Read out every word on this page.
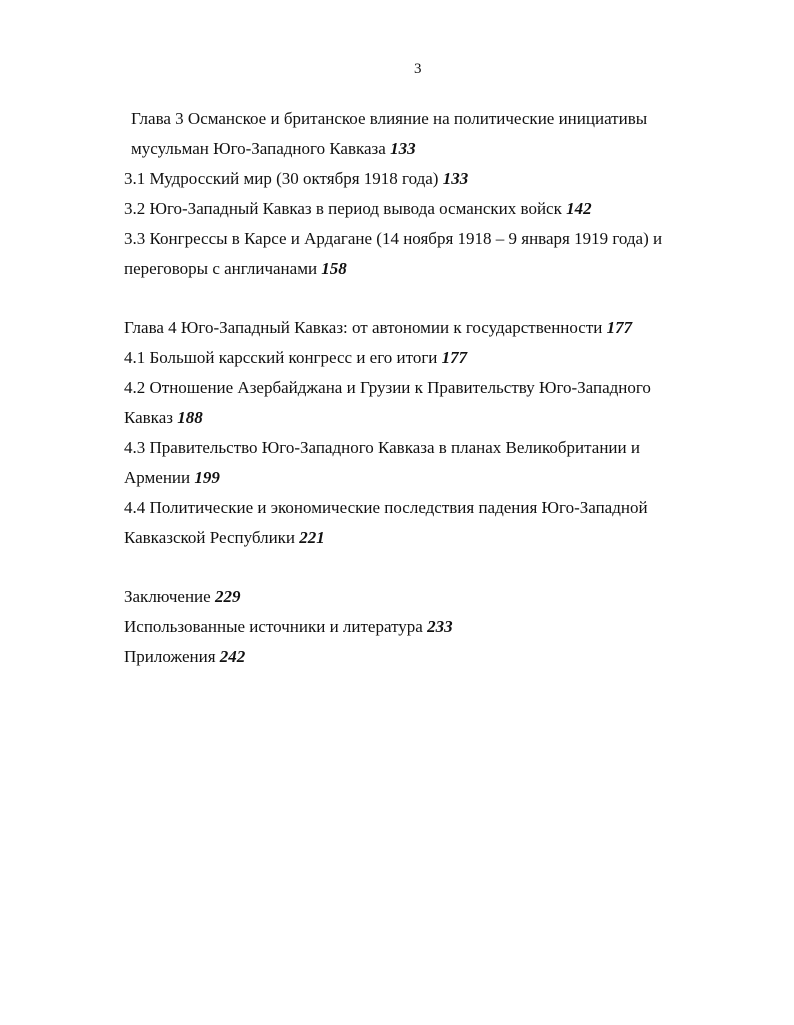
3
Глава 3 Османское и британское влияние на политические инициативы
мусульман Юго-Западного Кавказа 133
3.1 Мудросский мир (30 октября 1918 года) 133
3.2 Юго-Западный Кавказ в период вывода османских войск 142
3.3 Конгрессы в Карсе и Ардагане (14 ноября 1918 – 9 января 1919 года) и
переговоры с англичанами 158
Глава 4 Юго-Западный Кавказ: от автономии к государственности 177
4.1 Большой карсский конгресс и его итоги 177
4.2 Отношение Азербайджана и Грузии к Правительству Юго-Западного
Кавказ 188
4.3 Правительство Юго-Западного Кавказа в планах Великобритании и
Армении 199
4.4 Политические и экономические последствия падения Юго-Западной
Кавказской Республики 221
Заключение 229
Использованные источники и литература 233
Приложения 242
